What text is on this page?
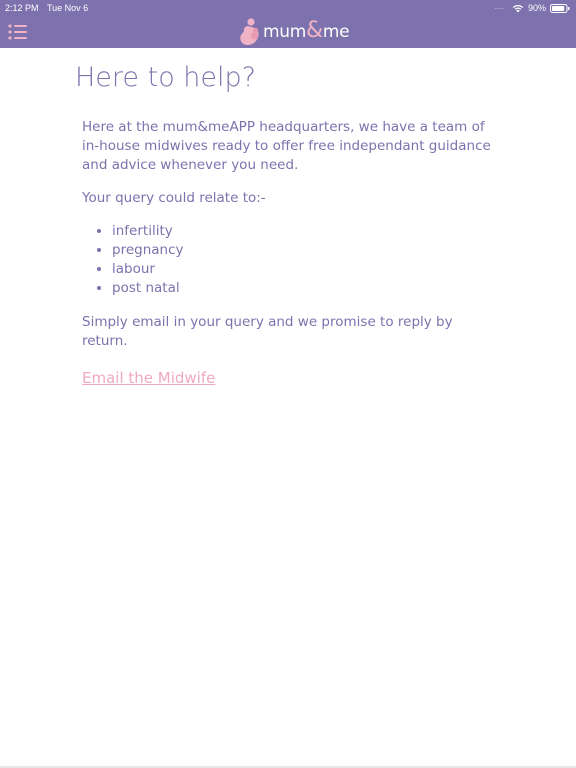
2:12 PM Tue Nov 6	.....	90%
mum&me
Here to help?

Here at the mum&meAPP headquarters, we have a team of in-house midwives ready to offer free independant guidance and advice whenever you need.

Your query could relate to:-

• infertility
• pregnancy
• labour
• post natal

Simply email in your query and we promise to reply by return.

Email the Midwife
